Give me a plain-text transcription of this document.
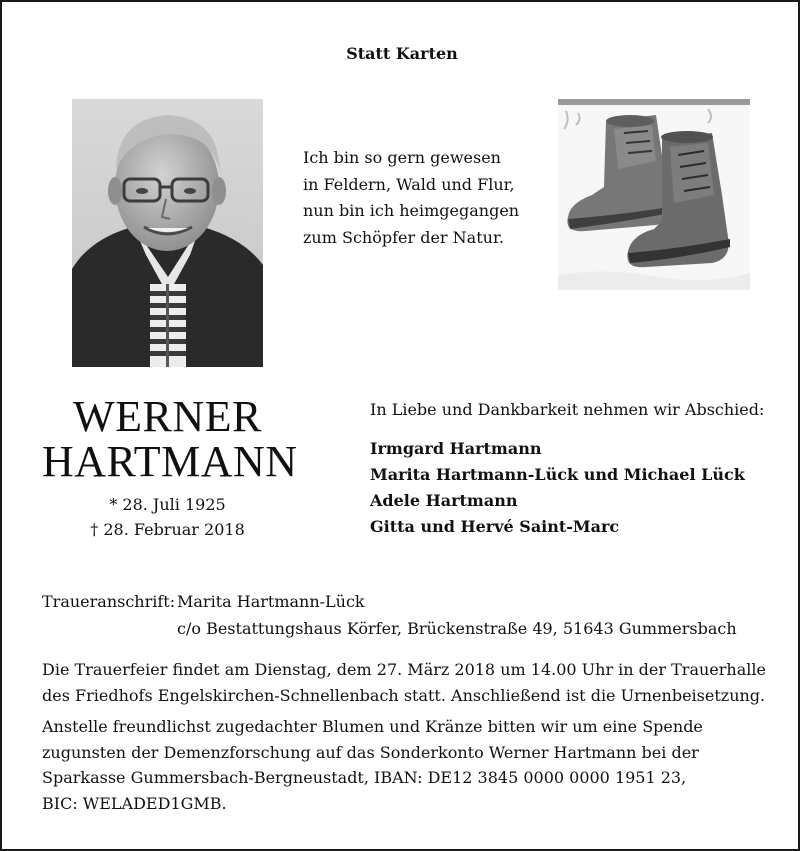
Statt Karten
Ich bin so gern gewesen
in Feldern, Wald und Flur,
nun bin ich heimgegangen
zum Schöpfer der Natur.
WERNER
HARTMANN
* 28. Juli 1925
† 28. Februar 2018
In Liebe und Dankbarkeit nehmen wir Abschied:
Irmgard Hartmann
Marita Hartmann-Lück und Michael Lück
Adele Hartmann
Gitta und Hervé Saint-Marc
Traueranschrift: Marita Hartmann-Lück
c/o Bestattungshaus Körfer, Brückenstraße 49, 51643 Gummersbach
Die Trauerfeier findet am Dienstag, dem 27. März 2018 um 14.00 Uhr in der Trauerhalle
des Friedhofs Engelskirchen-Schnellenbach statt. Anschließend ist die Urnenbeisetzung.
Anstelle freundlichst zugedachter Blumen und Kränze bitten wir um eine Spende
zugunsten der Demenzforschung auf das Sonderkonto Werner Hartmann bei der
Sparkasse Gummersbach-Bergneustadt, IBAN: DE12 3845 0000 0000 1951 23,
BIC: WELADED1GMB.
